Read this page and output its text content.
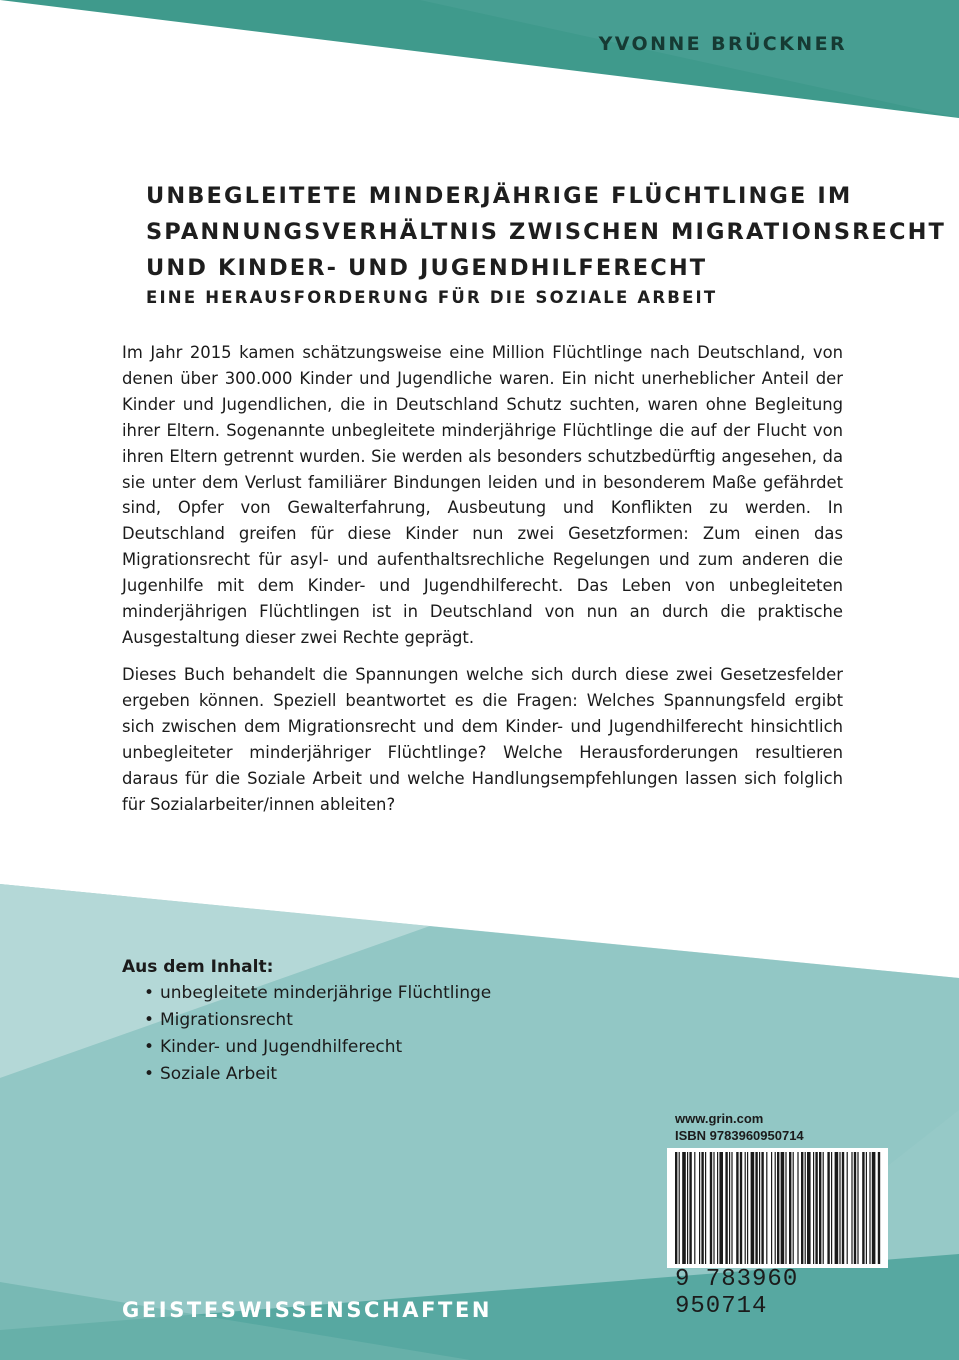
YVONNE BRÜCKNER
UNBEGLEITETE MINDERJÄHRIGE FLÜCHTLINGE IM
SPANNUNGSVERHÄLTNIS ZWISCHEN MIGRATIONSRECHT
UND KINDER- UND JUGENDHILFERECHT
EINE HERAUSFORDERUNG FÜR DIE SOZIALE ARBEIT

Im Jahr 2015 kamen schätzungsweise eine Million Flüchtlinge nach Deutschland, von denen über 300.000 Kinder und Jugendliche waren. Ein nicht unerheblicher Anteil der Kinder und Jugendlichen, die in Deutschland Schutz suchten, waren ohne Begleitung ihrer Eltern. Sogenannte unbegleitete minderjährige Flüchtlinge die auf der Flucht von ihren Eltern getrennt wurden. Sie werden als besonders schutzbedürftig angesehen, da sie unter dem Verlust familiärer Bindungen leiden und in besonderem Maße gefährdet sind, Opfer von Gewalterfahrung, Ausbeutung und Konflikten zu werden. In Deutschland greifen für diese Kinder nun zwei Gesetzformen: Zum einen das Migrationsrecht für asyl- und aufenthaltsrechliche Regelungen und zum anderen die Jugenhilfe mit dem Kinder- und Jugendhilferecht. Das Leben von unbegleiteten minderjährigen Flüchtlingen ist in Deutschland von nun an durch die praktische Ausgestaltung dieser zwei Rechte geprägt.

Dieses Buch behandelt die Spannungen welche sich durch diese zwei Gesetzesfelder ergeben können. Speziell beantwortet es die Fragen: Welches Spannungsfeld ergibt sich zwischen dem Migrationsrecht und dem Kinder- und Jugendhilferecht hinsichtlich unbegleiteter minderjähriger Flüchtlinge? Welche Herausforderungen resultieren daraus für die Soziale Arbeit und welche Handlungsempfehlungen lassen sich folglich für Sozialarbeiter/innen ableiten?

Aus dem Inhalt:
• unbegleitete minderjährige Flüchtlinge
• Migrationsrecht
• Kinder- und Jugendhilferecht
• Soziale Arbeit
www.grin.com
ISBN 9783960950714
9 783960 950714
GEISTESWISSENSCHAFTEN
